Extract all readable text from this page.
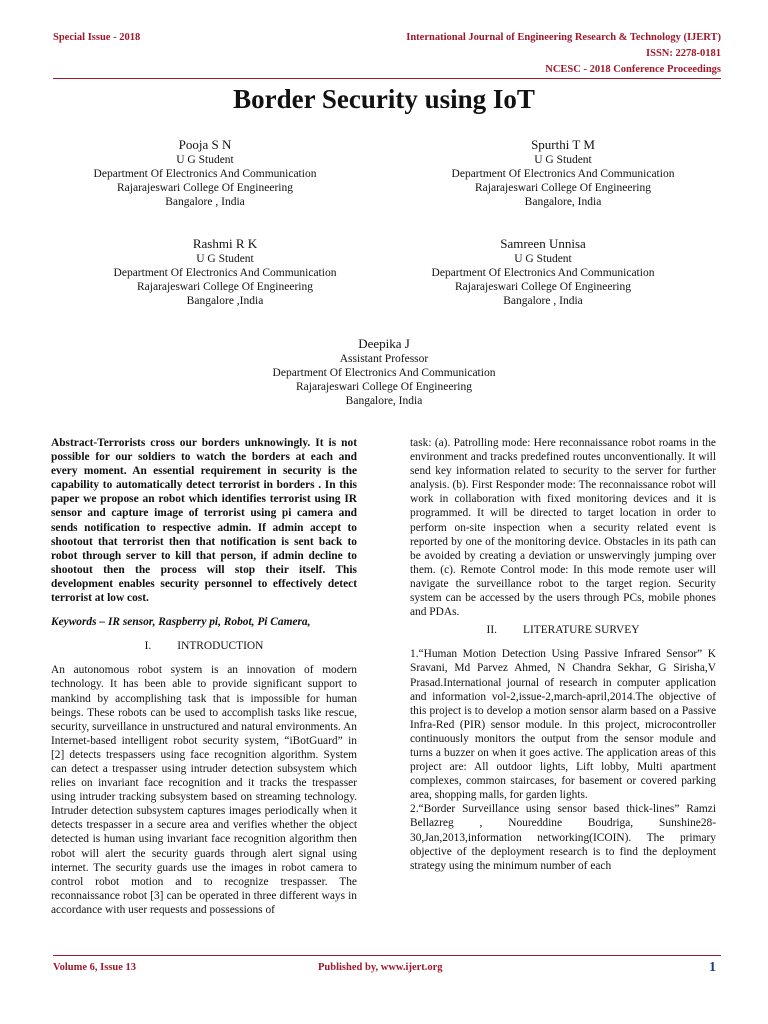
Special Issue - 2018	International Journal of Engineering Research & Technology (IJERT)
ISSN: 2278-0181
NCESC - 2018 Conference Proceedings
Border Security using IoT
Pooja S N
U G Student
Department Of Electronics And Communication
Rajarajeswari College Of Engineering
Bangalore , India
Spurthi T M
U G Student
Department Of Electronics And Communication
Rajarajeswari College Of Engineering
Bangalore, India
Rashmi R K
U G Student
Department Of Electronics And Communication
Rajarajeswari College Of Engineering
Bangalore ,India
Samreen Unnisa
U G Student
Department Of Electronics And Communication
Rajarajeswari College Of Engineering
Bangalore , India
Deepika J
Assistant Professor
Department Of Electronics And Communication
Rajarajeswari College Of Engineering
Bangalore, India

Abstract-Terrorists cross our borders unknowingly. It is not possible for our soldiers to watch the borders at each and every moment. An essential requirement in security is the capability to automatically detect terrorist in borders . In this paper we propose an robot which identifies terrorist using IR sensor and capture image of terrorist using pi camera and sends notification to respective admin. If admin accept to shootout that terrorist then that notification is sent back to robot through server to kill that person, if admin decline to shootout then the process will stop their itself. This development enables security personnel to effectively detect terrorist at low cost.

Keywords – IR sensor, Raspberry pi, Robot, Pi Camera,

I. INTRODUCTION

An autonomous robot system is an innovation of modern technology. It has been able to provide significant support to mankind by accomplishing task that is impossible for human beings. These robots can be used to accomplish tasks like rescue, security, surveillance in unstructured and natural environments. An Internet-based intelligent robot security system, “iBotGuard” in [2] detects trespassers using face recognition algorithm. System can detect a trespasser using intruder detection subsystem which relies on invariant face recognition and it tracks the trespasser using intruder tracking subsystem based on streaming technology. Intruder detection subsystem captures images periodically when it detects trespasser in a secure area and verifies whether the object detected is human using invariant face recognition algorithm then robot will alert the security guards through alert signal using internet. The security guards use the images in robot camera to control robot motion and to recognize trespasser. The reconnaissance robot [3] can be operated in three different ways in accordance with user requests and possessions of

task: (a). Patrolling mode: Here reconnaissance robot roams in the environment and tracks predefined routes unconventionally. It will send key information related to security to the server for further analysis. (b). First Responder mode: The reconnaissance robot will work in collaboration with fixed monitoring devices and it is programmed. It will be directed to target location in order to perform on-site inspection when a security related event is reported by one of the monitoring device. Obstacles in its path can be avoided by creating a deviation or unswervingly jumping over them. (c). Remote Control mode: In this mode remote user will navigate the surveillance robot to the target region. Security system can be accessed by the users through PCs, mobile phones and PDAs.

II. LITERATURE SURVEY

1.“Human Motion Detection Using Passive Infrared Sensor” K Sravani, Md Parvez Ahmed, N Chandra Sekhar, G Sirisha,V Prasad.International journal of research in computer application and information vol-2,issue-2,march-april,2014.The objective of this project is to develop a motion sensor alarm based on a Passive Infra-Red (PIR) sensor module. In this project, microcontroller continuously monitors the output from the sensor module and turns a buzzer on when it goes active. The application areas of this project are: All outdoor lights, Lift lobby, Multi apartment complexes, common staircases, for basement or covered parking area, shopping malls, for garden lights.

2.“Border Surveillance using sensor based thick-lines” Ramzi Bellazreg , Noureddine Boudriga, Sunshine28-30,Jan,2013,information networking(ICOIN). The primary objective of the deployment research is to find the deployment strategy using the minimum number of each

Volume 6, Issue 13	Published by, www.ijert.org	1
